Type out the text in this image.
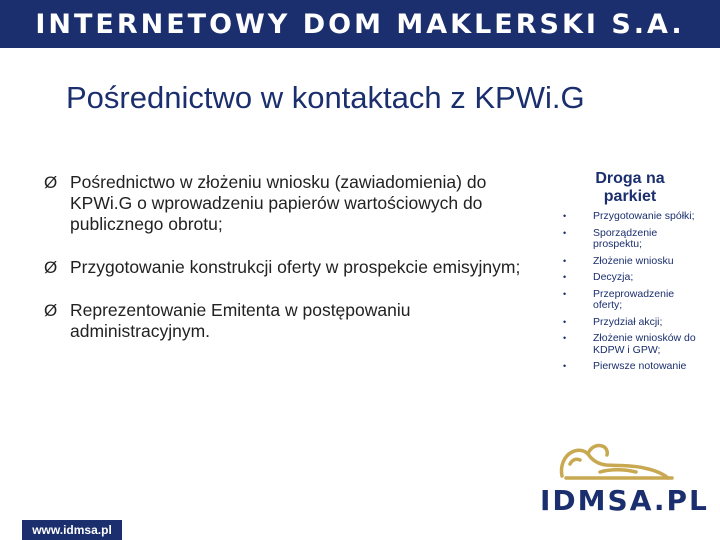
INTERNETOWY DOM MAKLERSKI S.A.
Pośrednictwo w kontaktach z KPWi.G
Ø Pośrednictwo w złożeniu wniosku (zawiadomienia) do KPWi.G o wprowadzeniu papierów wartościowych do publicznego obrotu;
Ø Przygotowanie konstrukcji oferty w prospekcie emisyjnym;
Ø Reprezentowanie Emitenta w postępowaniu administracyjnym.
Droga na parkiet
•	Przygotowanie spółki;
•	Sporządzenie prospektu;
•	Złożenie wniosku
•	Decyzja;
•	Przeprowadzenie oferty;
•	Przydział akcji;
•	Złożenie wniosków do KDPW i GPW;
•	Pierwsze notowanie
IDMSA.PL
www.idmsa.pl
